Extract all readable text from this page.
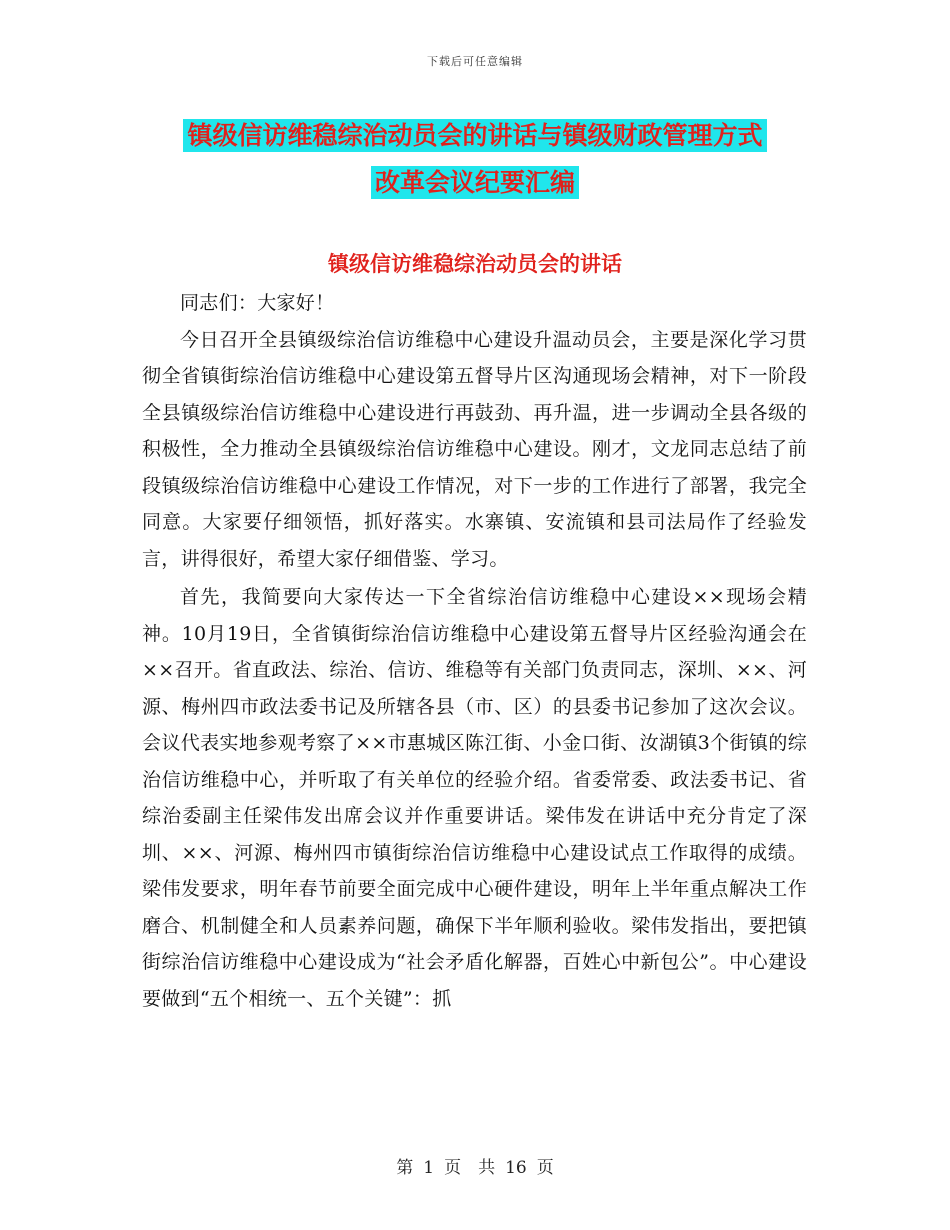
下载后可任意编辑
镇级信访维稳综治动员会的讲话与镇级财政管理方式
改革会议纪要汇编
镇级信访维稳综治动员会的讲话

同志们：大家好！

今日召开全县镇级综治信访维稳中心建设升温动员会，主要是深化学习贯彻全省镇街综治信访维稳中心建设第五督导片区沟通现场会精神，对下一阶段全县镇级综治信访维稳中心建设进行再鼓劲、再升温，进一步调动全县各级的积极性，全力推动全县镇级综治信访维稳中心建设。刚才，文龙同志总结了前段镇级综治信访维稳中心建设工作情况，对下一步的工作进行了部署，我完全同意。大家要仔细领悟，抓好落实。水寨镇、安流镇和县司法局作了经验发言，讲得很好，希望大家仔细借鉴、学习。

首先，我简要向大家传达一下全省综治信访维稳中心建设××现场会精神。10月19日，全省镇街综治信访维稳中心建设第五督导片区经验沟通会在××召开。省直政法、综治、信访、维稳等有关部门负责同志，深圳、××、河源、梅州四市政法委书记及所辖各县（市、区）的县委书记参加了这次会议。会议代表实地参观考察了××市惠城区陈江街、小金口街、汝湖镇3个街镇的综治信访维稳中心，并听取了有关单位的经验介绍。省委常委、政法委书记、省综治委副主任梁伟发出席会议并作重要讲话。梁伟发在讲话中充分肯定了深圳、××、河源、梅州四市镇街综治信访维稳中心建设试点工作取得的成绩。梁伟发要求，明年春节前要全面完成中心硬件建设，明年上半年重点解决工作磨合、机制健全和人员素养问题，确保下半年顺利验收。梁伟发指出，要把镇街综治信访维稳中心建设成为“社会矛盾化解器，百姓心中新包公”。中心建设要做到“五个相统一、五个关键”：抓

第 1 页　共 16 页
